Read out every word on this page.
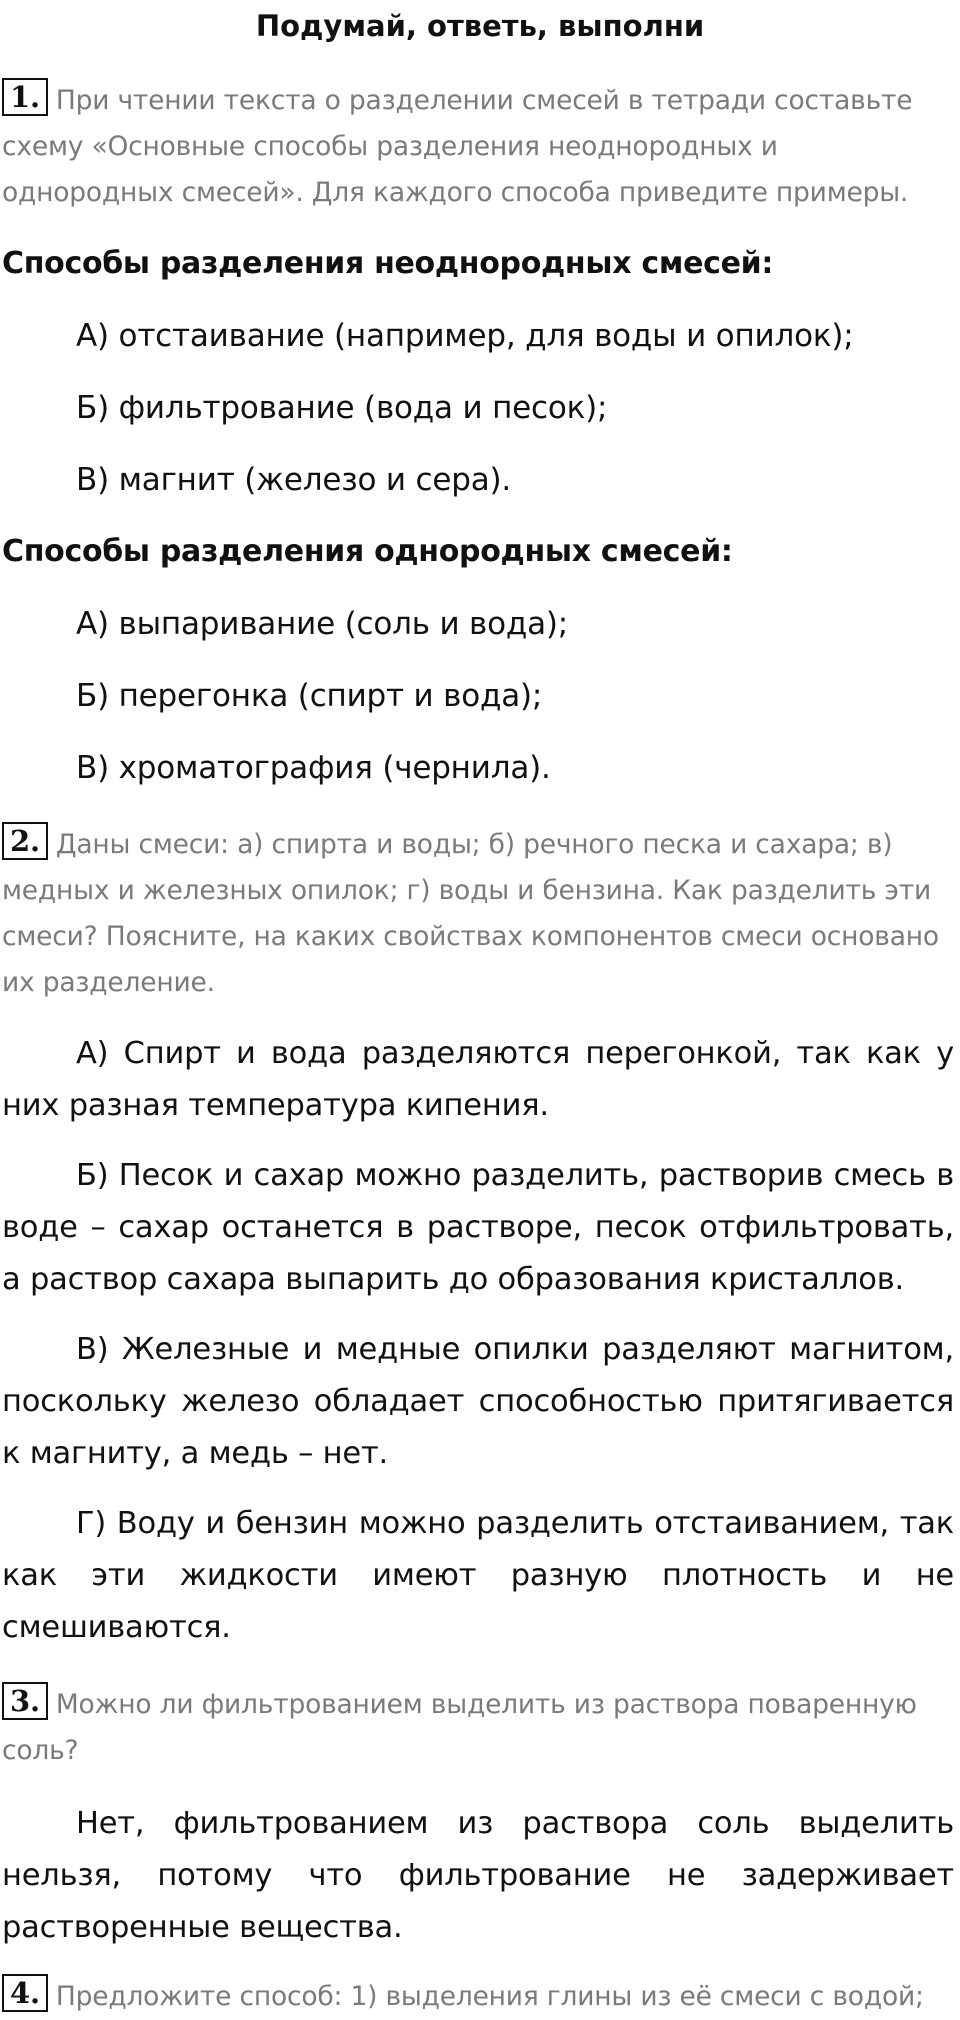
Подумай, ответь, выполни
1. При чтении текста о разделении смесей в тетради составьте схему «Основные способы разделения неоднородных и однородных смесей». Для каждого способа приведите примеры.
Способы разделения неоднородных смесей:
А) отстаивание (например, для воды и опилок);
Б) фильтрование (вода и песок);
В) магнит (железо и сера).
Способы разделения однородных смесей:
А) выпаривание (соль и вода);
Б) перегонка (спирт и вода);
В) хроматография (чернила).
2. Даны смеси: а) спирта и воды; б) речного песка и сахара; в) медных и железных опилок; г) воды и бензина. Как разделить эти смеси? Поясните, на каких свойствах компонентов смеси основано их разделение.
А) Спирт и вода разделяются перегонкой, так как у них разная температура кипения.
Б) Песок и сахар можно разделить, растворив смесь в воде – сахар останется в растворе, песок отфильтровать, а раствор сахара выпарить до образования кристаллов.
В) Железные и медные опилки разделяют магнитом, поскольку железо обладает способностью притягивается к магниту, а медь – нет.
Г) Воду и бензин можно разделить отстаиванием, так как эти жидкости имеют разную плотность и не смешиваются.
3. Можно ли фильтрованием выделить из раствора поваренную соль?
Нет, фильтрованием из раствора соль выделить нельзя, потому что фильтрование не задерживает растворенные вещества.
4. Предложите способ: 1) выделения глины из её смеси с водой;
